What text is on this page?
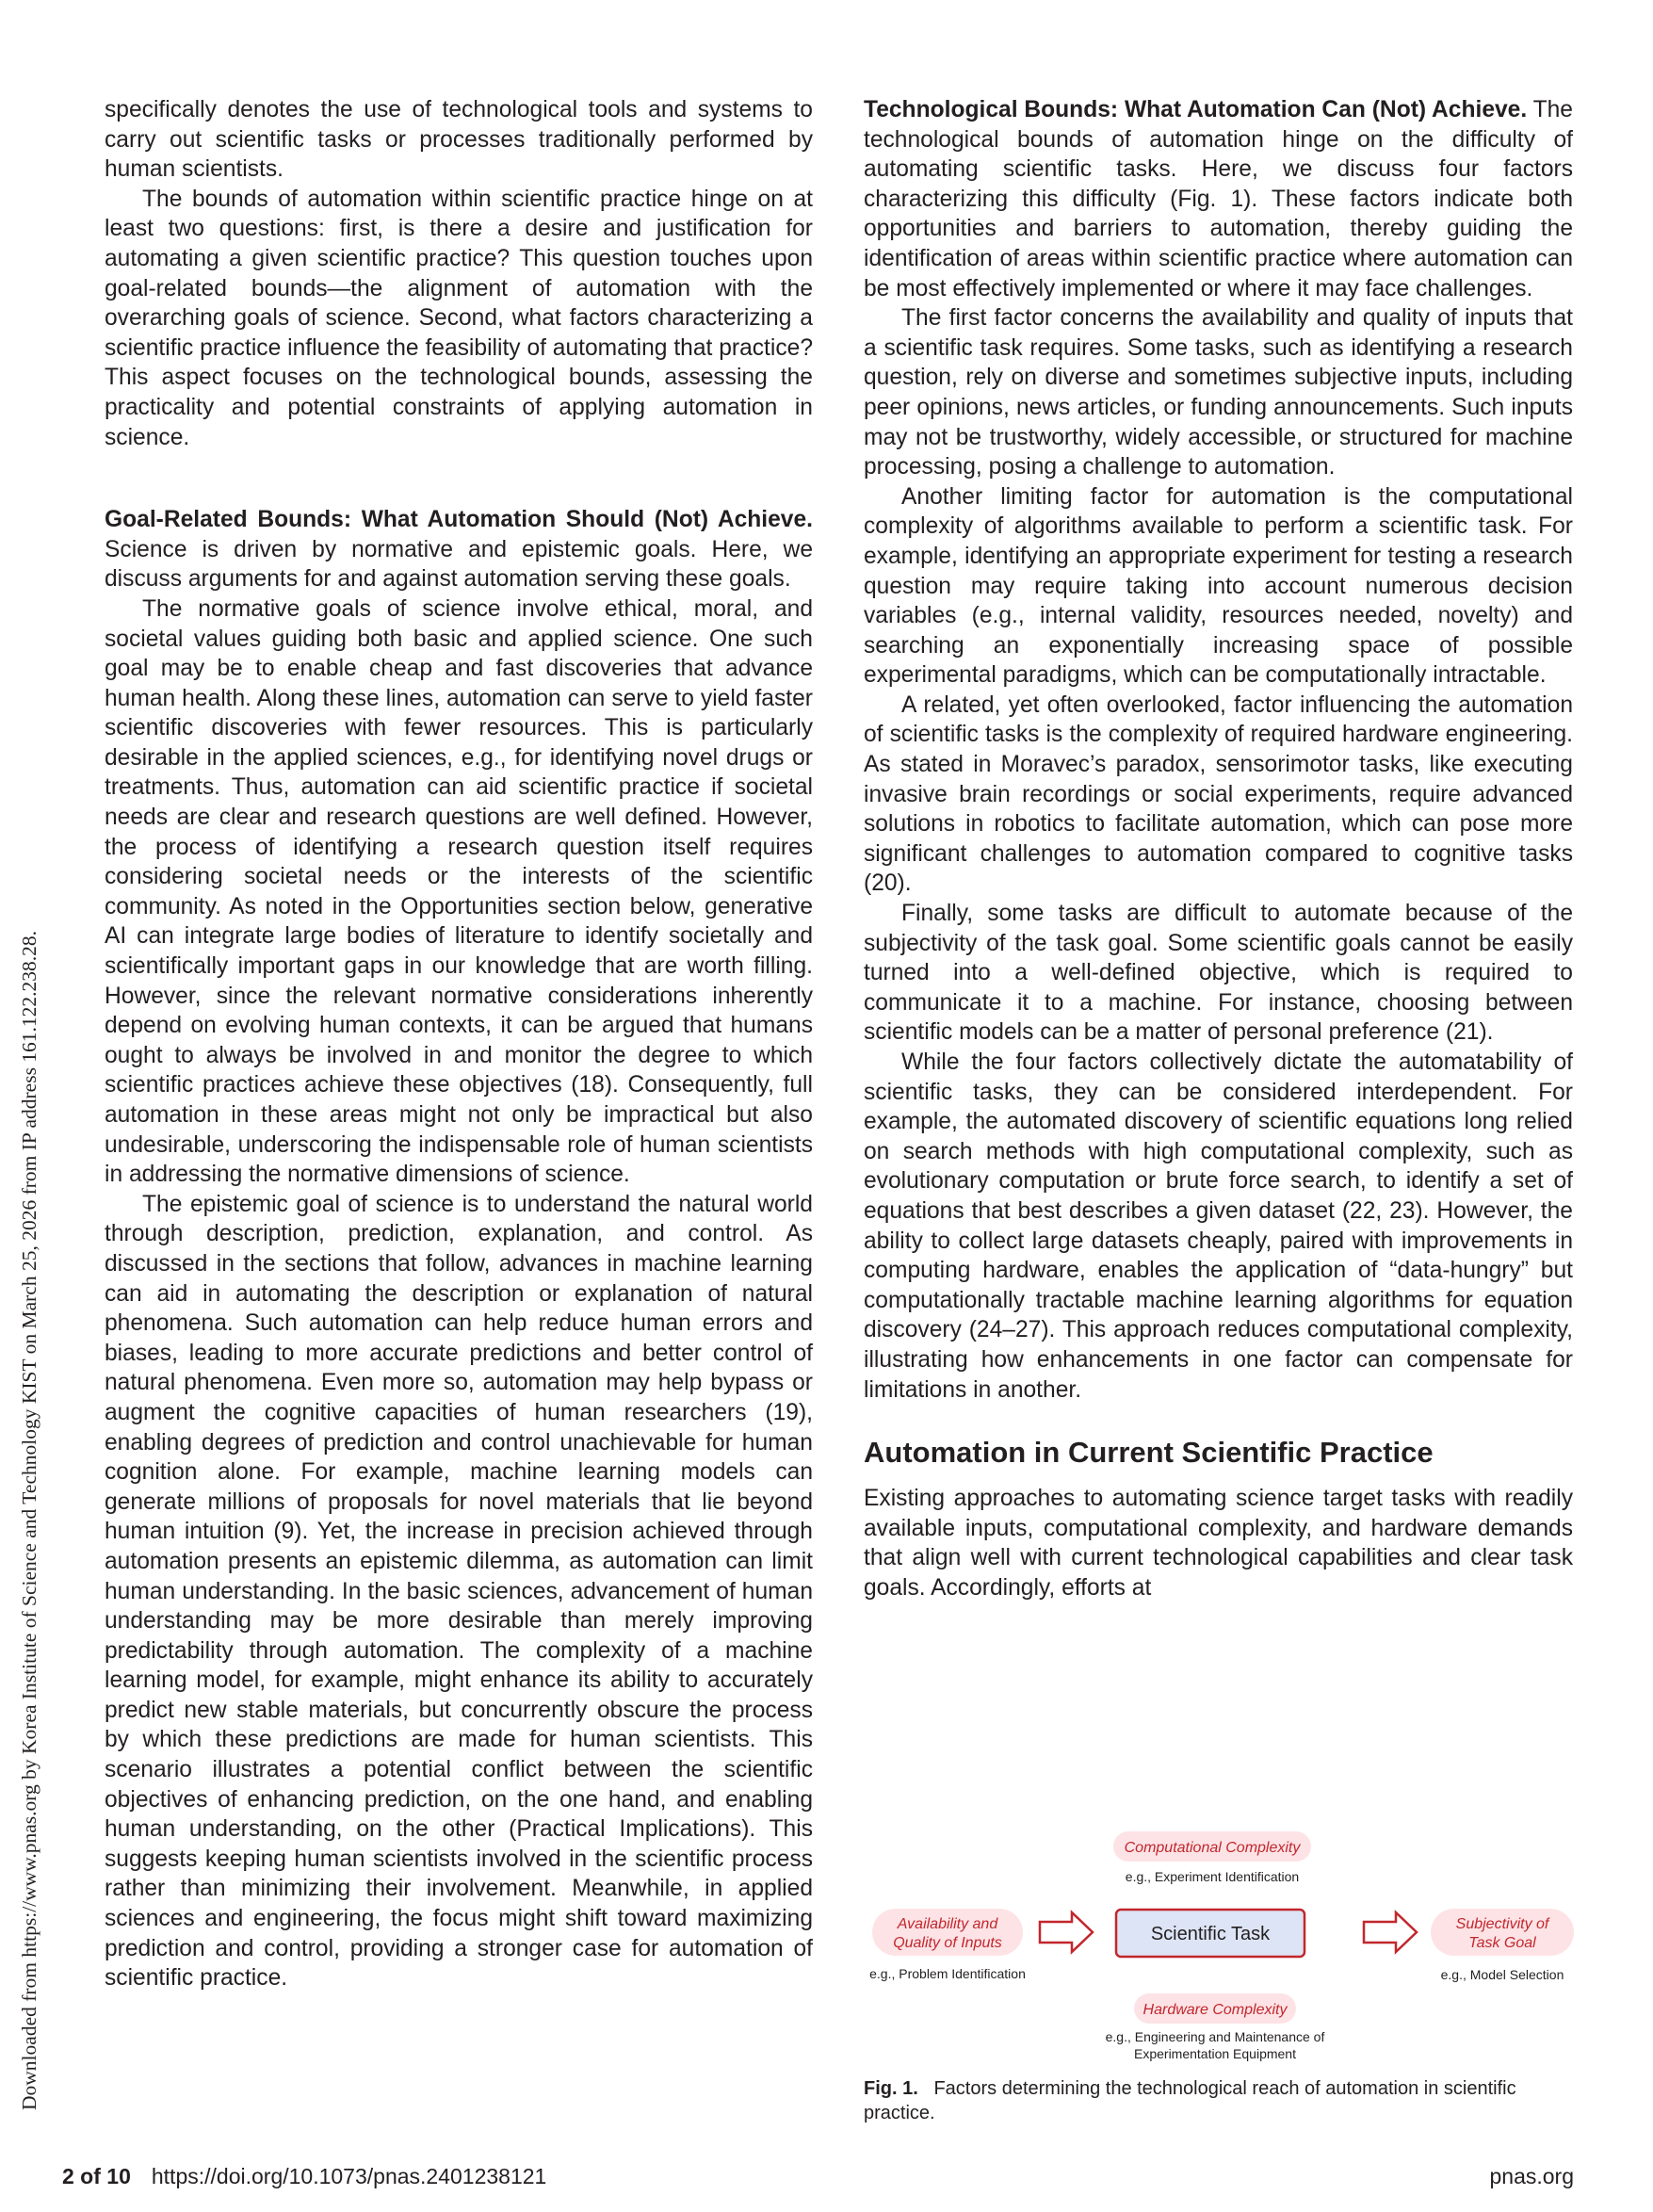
Downloaded from https://www.pnas.org by Korea Institute of Science and Technology KIST on March 25, 2026 from IP address 161.122.238.28.

specifically denotes the use of technological tools and systems to carry out scientific tasks or processes traditionally performed by human scientists.

The bounds of automation within scientific practice hinge on at least two questions: first, is there a desire and justification for automating a given scientific practice? This question touches upon goal-related bounds—the alignment of automation with the overarching goals of science. Second, what factors characterizing a scientific practice influence the feasibility of automating that practice? This aspect focuses on the technological bounds, assessing the practicality and potential constraints of applying automation in science.

Goal-Related Bounds: What Automation Should (Not) Achieve. Science is driven by normative and epistemic goals. Here, we discuss arguments for and against automation serving these goals.

The normative goals of science involve ethical, moral, and societal values guiding both basic and applied science. One such goal may be to enable cheap and fast discoveries that advance human health. Along these lines, automation can serve to yield faster scientific discoveries with fewer resources. This is particularly desirable in the applied sciences, e.g., for identifying novel drugs or treatments. Thus, automation can aid scientific practice if societal needs are clear and research questions are well defined. However, the process of identifying a research question itself requires considering societal needs or the interests of the scientific community. As noted in the Opportunities section below, generative AI can integrate large bodies of literature to identify societally and scientifically important gaps in our knowledge that are worth filling. However, since the relevant normative considerations inherently depend on evolving human contexts, it can be argued that humans ought to always be involved in and monitor the degree to which scientific practices achieve these objectives (18). Consequently, full automation in these areas might not only be impractical but also undesirable, underscoring the indispensable role of human scientists in addressing the normative dimensions of science.

The epistemic goal of science is to understand the natural world through description, prediction, explanation, and control. As discussed in the sections that follow, advances in machine learning can aid in automating the description or explanation of natural phenomena. Such automation can help reduce human errors and biases, leading to more accurate predictions and better control of natural phenomena. Even more so, automation may help bypass or augment the cognitive capacities of human researchers (19), enabling degrees of prediction and control unachievable for human cognition alone. For example, machine learning models can generate millions of proposals for novel materials that lie beyond human intuition (9). Yet, the increase in precision achieved through automation presents an epistemic dilemma, as automation can limit human understanding. In the basic sciences, advancement of human understanding may be more desirable than merely improving predictability through automation. The complexity of a machine learning model, for example, might enhance its ability to accurately predict new stable materials, but concurrently obscure the process by which these predictions are made for human scientists. This scenario illustrates a potential conflict between the scientific objectives of enhancing prediction, on the one hand, and enabling human understanding, on the other (Practical Implications). This suggests keeping human scientists involved in the scientific process rather than minimizing their involvement. Meanwhile, in applied sciences and engineering, the focus might shift toward maximizing prediction and control, providing a stronger case for automation of scientific practice.

Technological Bounds: What Automation Can (Not) Achieve. The technological bounds of automation hinge on the difficulty of automating scientific tasks. Here, we discuss four factors characterizing this difficulty (Fig. 1). These factors indicate both opportunities and barriers to automation, thereby guiding the identification of areas within scientific practice where automation can be most effectively implemented or where it may face challenges.

The first factor concerns the availability and quality of inputs that a scientific task requires. Some tasks, such as identifying a research question, rely on diverse and sometimes subjective inputs, including peer opinions, news articles, or funding announcements. Such inputs may not be trustworthy, widely accessible, or structured for machine processing, posing a challenge to automation.

Another limiting factor for automation is the computational complexity of algorithms available to perform a scientific task. For example, identifying an appropriate experiment for testing a research question may require taking into account numerous decision variables (e.g., internal validity, resources needed, novelty) and searching an exponentially increasing space of possible experimental paradigms, which can be computationally intractable.

A related, yet often overlooked, factor influencing the automation of scientific tasks is the complexity of required hardware engineering. As stated in Moravec’s paradox, sensorimotor tasks, like executing invasive brain recordings or social experiments, require advanced solutions in robotics to facilitate automation, which can pose more significant challenges to automation compared to cognitive tasks (20).

Finally, some tasks are difficult to automate because of the subjectivity of the task goal. Some scientific goals cannot be easily turned into a well-defined objective, which is required to communicate it to a machine. For instance, choosing between scientific models can be a matter of personal preference (21).

While the four factors collectively dictate the automatability of scientific tasks, they can be considered interdependent. For example, the automated discovery of scientific equations long relied on search methods with high computational complexity, such as evolutionary computation or brute force search, to identify a set of equations that best describes a given dataset (22, 23). However, the ability to collect large datasets cheaply, paired with improvements in computing hardware, enables the application of “data-hungry” but computationally tractable machine learning algorithms for equation discovery (24–27). This approach reduces computational complexity, illustrating how enhancements in one factor can compensate for limitations in another.

Automation in Current Scientific Practice

Existing approaches to automating science target tasks with readily available inputs, computational complexity, and hardware demands that align well with current technological capabilities and clear task goals. Accordingly, efforts at

Computational Complexity
e.g., Experiment Identification
Availability and
Quality of Inputs
e.g., Problem Identification
Scientific Task	Subjectivity of
Task Goal
e.g., Model Selection
Hardware Complexity
e.g., Engineering and Maintenance of
Experimentation Equipment
Fig. 1. Factors determining the technological reach of automation in scientific practice.
2 of 10 https://doi.org/10.1073/pnas.2401238121	pnas.org
